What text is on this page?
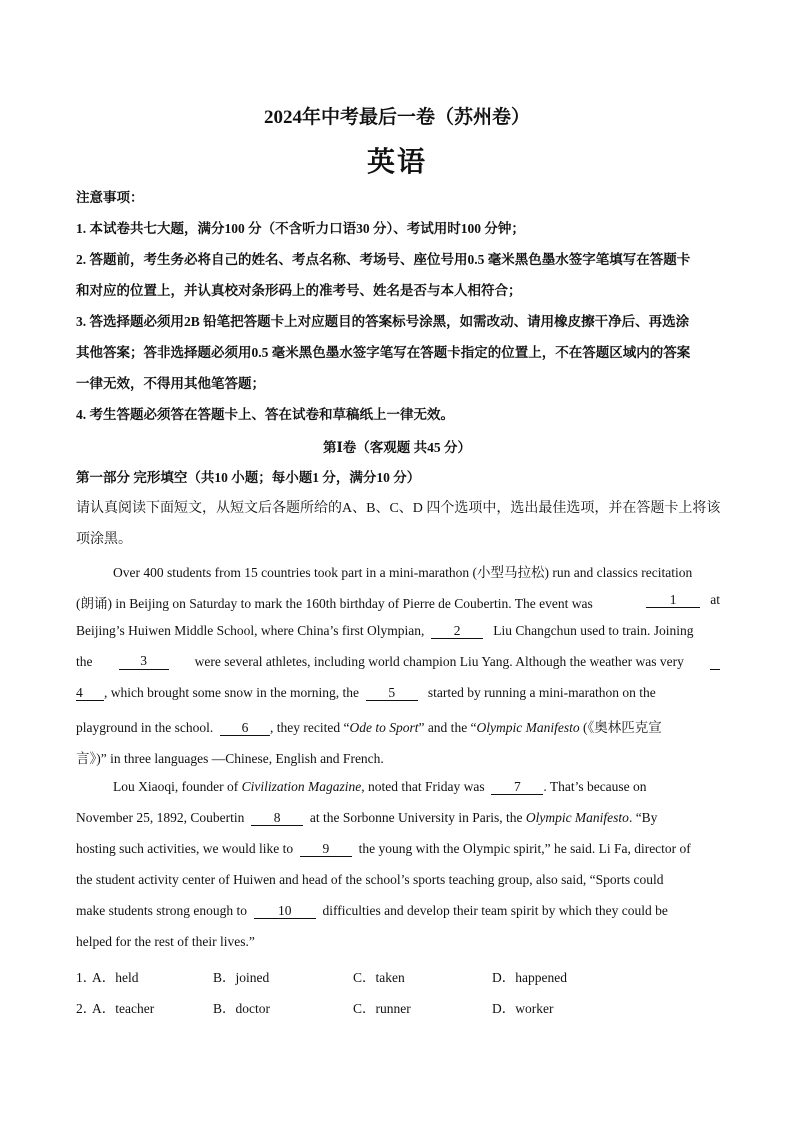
2024年中考最后一卷（苏州卷）
英语
注意事项：
1. 本试卷共七大题，满分100 分（不含听力口语30 分）、考试用时100 分钟；
2. 答题前，考生务必将自己的姓名、考点名称、考场号、座位号用0.5 毫米黑色墨水签字笔填写在答题卡
和对应的位置上，并认真校对条形码上的准考号、姓名是否与本人相符合；
3. 答选择题必须用2B 铅笔把答题卡上对应题目的答案标号涂黑，如需改动、请用橡皮擦干净后、再选涂
其他答案；答非选择题必须用0.5 毫米黑色墨水签字笔写在答题卡指定的位置上，不在答题区域内的答案
一律无效，不得用其他笔答题；
4. 考生答题必须答在答题卡上、答在试卷和草稿纸上一律无效。
第Ⅰ卷（客观题 共45 分）
第一部分 完形填空（共10 小题；每小题1 分，满分10 分）
请认真阅读下面短文，从短文后各题所给的A、B、C、D 四个选项中，选出最佳选项，并在答题卡上将该
项涂黑。
Over 400 students from 15 countries took part in a mini-marathon (小型马拉松) run and classics recitation
(朗诵) in Beijing on Saturday to mark the 160th birthday of Pierre de Coubertin. The event was	1	at
Beijing’s Huiwen Middle School, where China’s first Olympian, 2 Liu Changchun used to train. Joining
the	3	were several athletes, including world champion Liu Yang. Although the weather was very
4 , which brought some snow in the morning, the 5 started by running a mini-marathon on the
playground in the school. 6 , they recited “Ode to Sport” and the “Olympic Manifesto (《奥林匹克宣
言》)” in three languages —Chinese, English and French.
Lou Xiaoqi, founder of Civilization Magazine, noted that Friday was 7 . That’s because on
November 25, 1892, Coubertin 8 at the Sorbonne University in Paris, the Olympic Manifesto. “By
hosting such activities, we would like to 9 the young with the Olympic spirit,” he said. Li Fa, director of
the student activity center of Huiwen and head of the school’s sports teaching group, also said, “Sports could
make students strong enough to 10 difficulties and develop their team spirit by which they could be
helped for the rest of their lives.”
1．
A．held	B．joined	C．taken	D．happened
2．
A．teacher	B．doctor	C．runner	D．worker
